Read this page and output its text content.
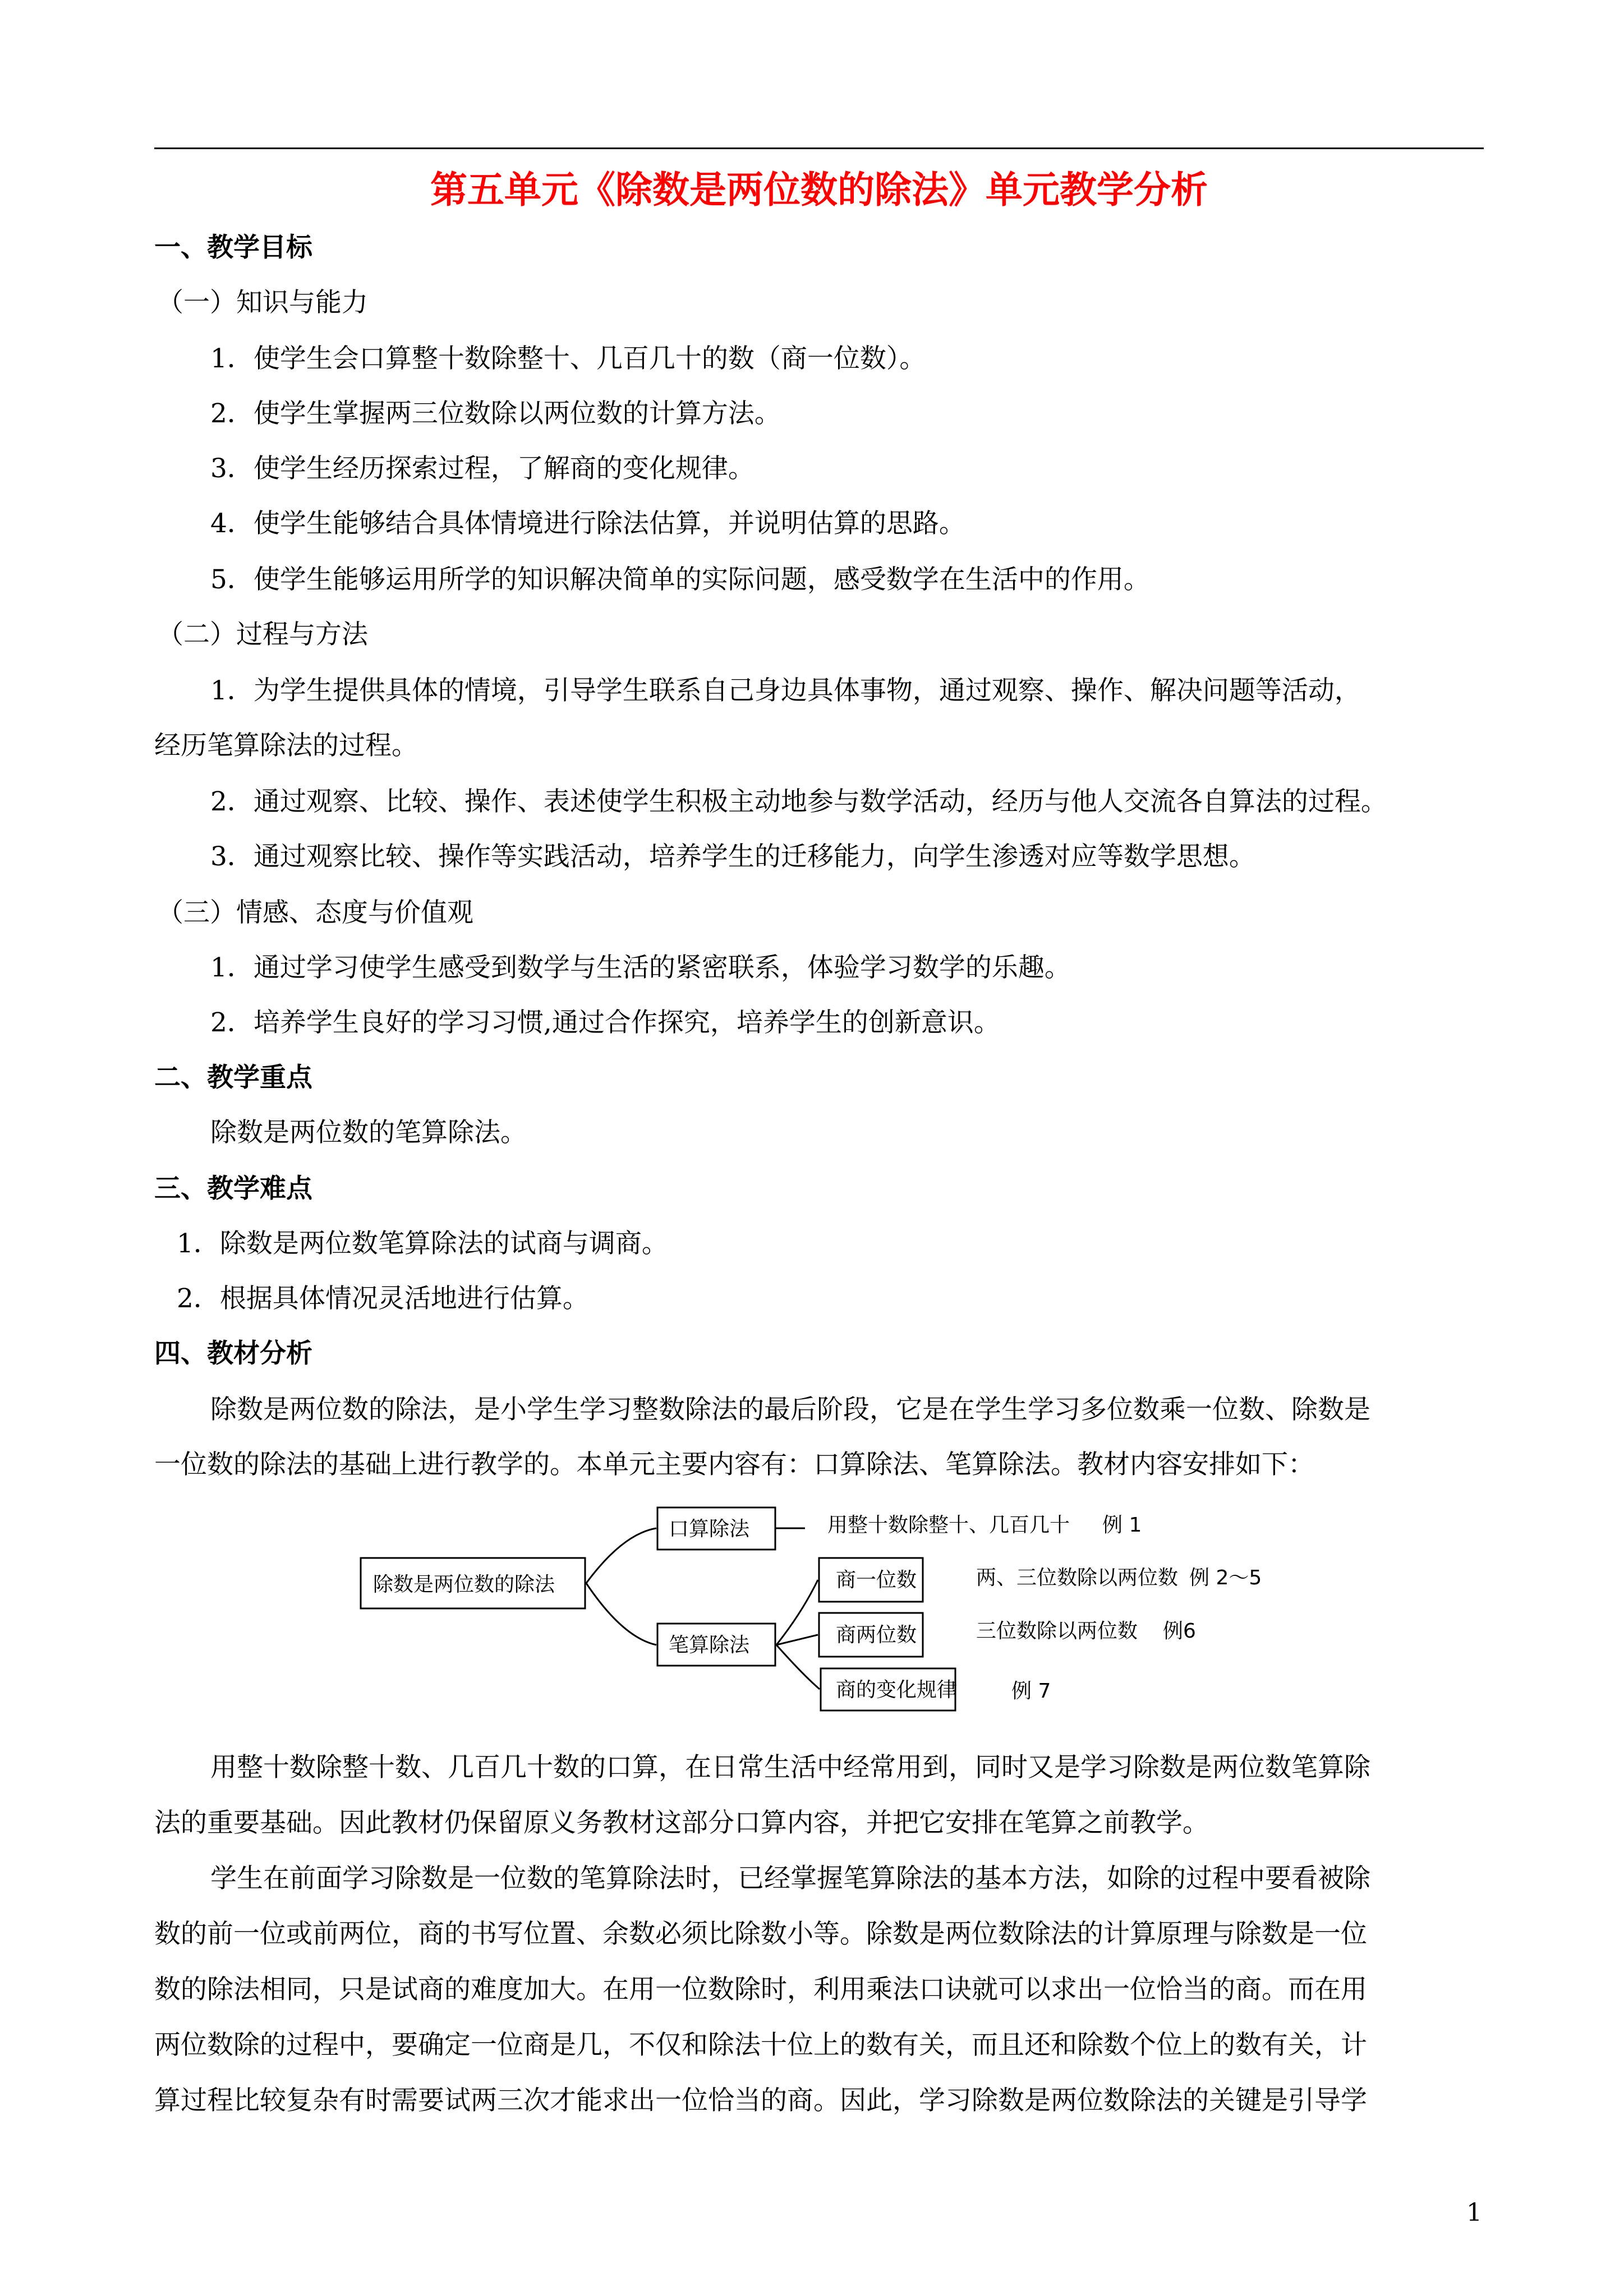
第五单元《除数是两位数的除法》单元教学分析
一、教学目标
（一）知识与能力
1．使学生会口算整十数除整十、几百几十的数（商一位数）。
2．使学生掌握两三位数除以两位数的计算方法。
3．使学生经历探索过程，了解商的变化规律。
4．使学生能够结合具体情境进行除法估算，并说明估算的思路。
5．使学生能够运用所学的知识解决简单的实际问题，感受数学在生活中的作用。
（二）过程与方法
1．为学生提供具体的情境，引导学生联系自己身边具体事物，通过观察、操作、解决问题等活动，
经历笔算除法的过程。
2．通过观察、比较、操作、表述使学生积极主动地参与数学活动，经历与他人交流各自算法的过程。
3．通过观察比较、操作等实践活动，培养学生的迁移能力，向学生渗透对应等数学思想。
（三）情感、态度与价值观
1．通过学习使学生感受到数学与生活的紧密联系，体验学习数学的乐趣。
2．培养学生良好的学习习惯,通过合作探究，培养学生的创新意识。
二、教学重点
除数是两位数的笔算除法。
三、教学难点
1．除数是两位数笔算除法的试商与调商。
2．根据具体情况灵活地进行估算。
四、教材分析
除数是两位数的除法，是小学生学习整数除法的最后阶段，它是在学生学习多位数乘一位数、除数是
一位数的除法的基础上进行教学的。本单元主要内容有：口算除法、笔算除法。教材内容安排如下：
除数是两位数的除法
口算除法
笔算除法
用整十数除整十、几百几十 例 1
商一位数	两、三位数除以两位数 例 2～5
商两位数	三位数除以两位数 例6
商的变化规律	例 7
用整十数除整十数、几百几十数的口算，在日常生活中经常用到，同时又是学习除数是两位数笔算除
法的重要基础。因此教材仍保留原义务教材这部分口算内容，并把它安排在笔算之前教学。
学生在前面学习除数是一位数的笔算除法时，已经掌握笔算除法的基本方法，如除的过程中要看被除
数的前一位或前两位，商的书写位置、余数必须比除数小等。除数是两位数除法的计算原理与除数是一位
数的除法相同，只是试商的难度加大。在用一位数除时，利用乘法口诀就可以求出一位恰当的商。而在用
两位数除的过程中，要确定一位商是几，不仅和除法十位上的数有关，而且还和除数个位上的数有关，计
算过程比较复杂有时需要试两三次才能求出一位恰当的商。因此，学习除数是两位数除法的关键是引导学
1
